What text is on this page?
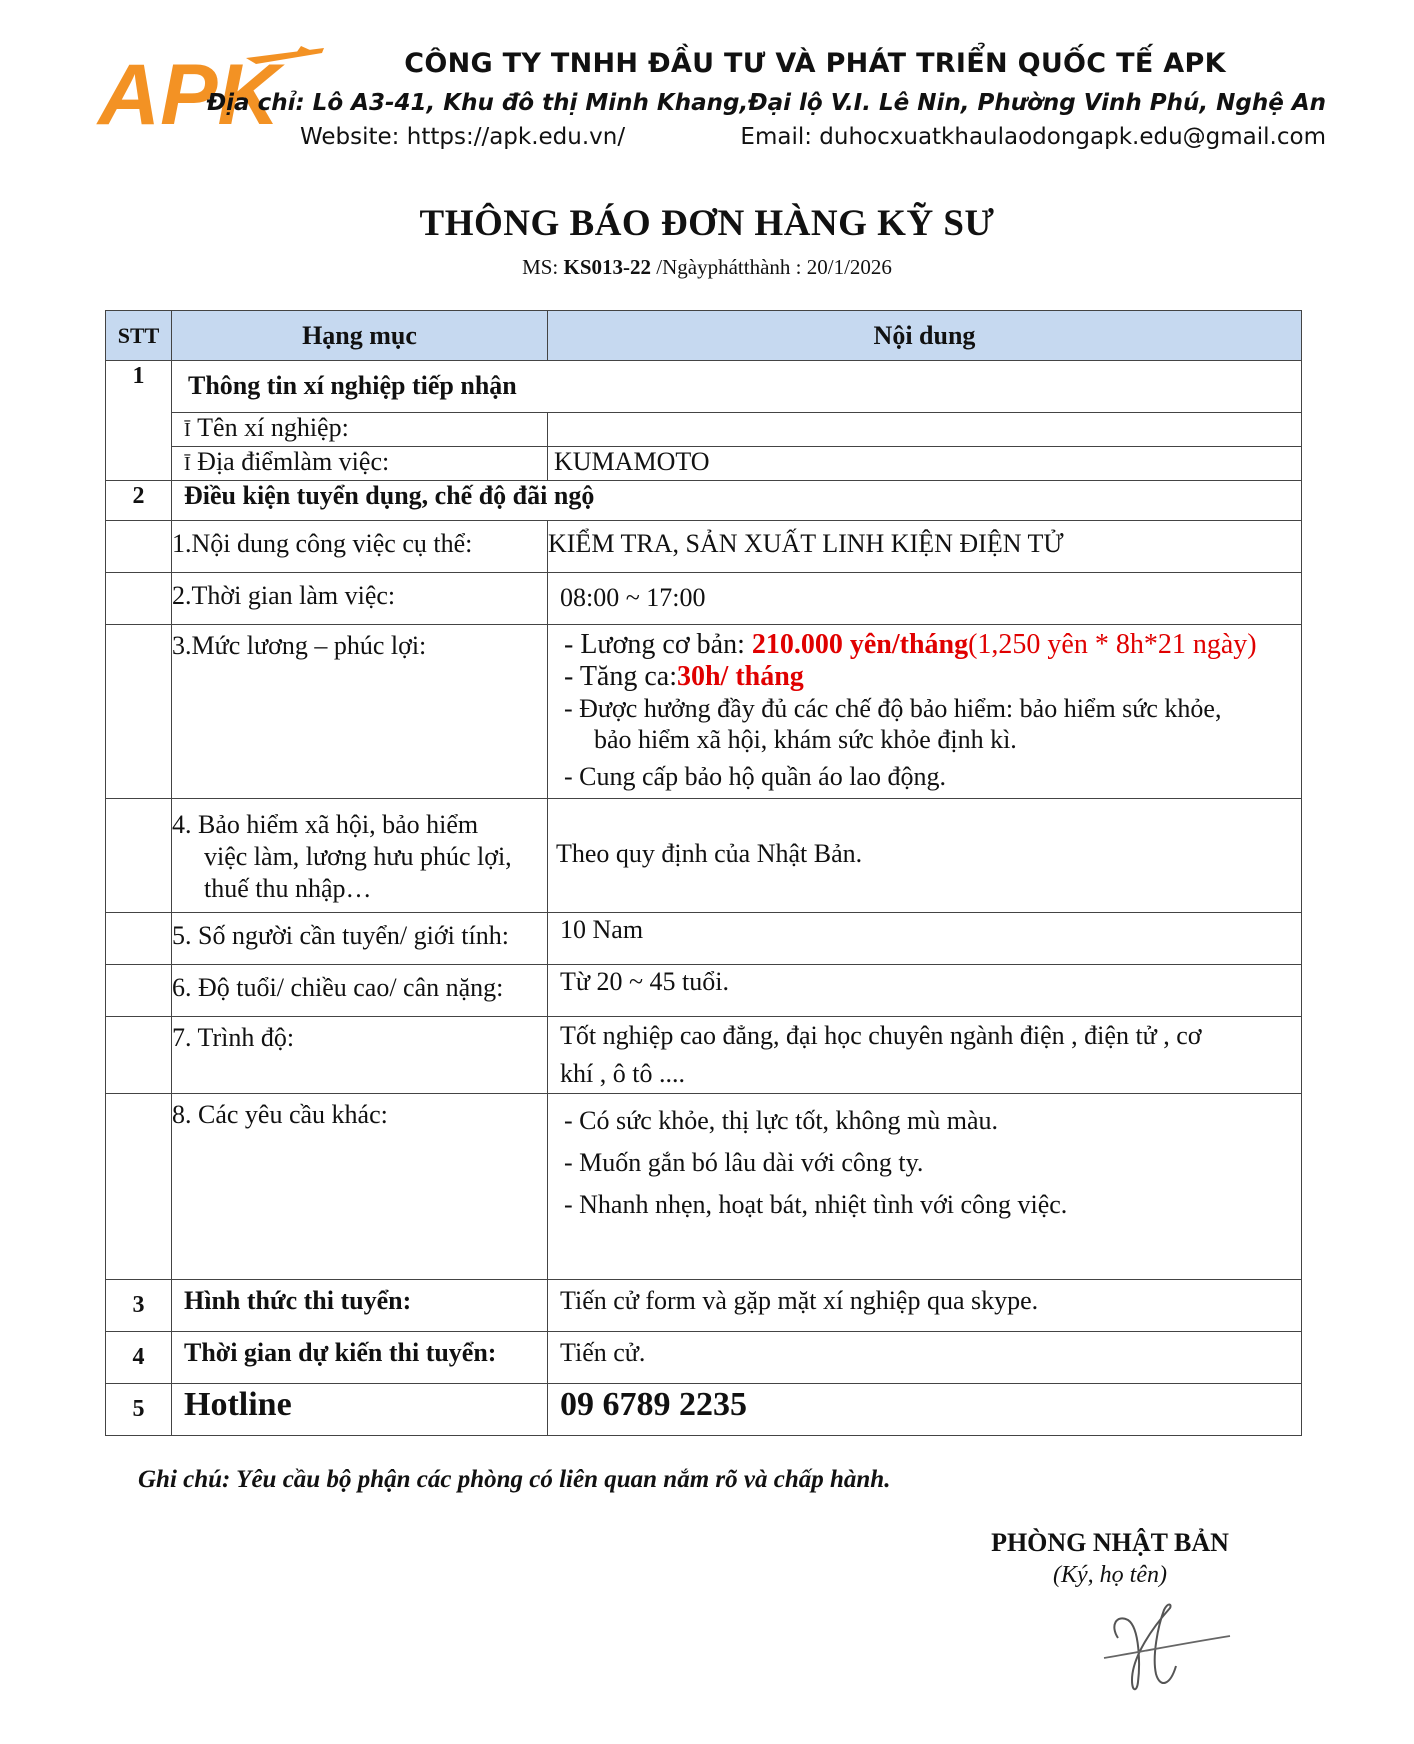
APK	CÔNG TY TNHH ĐẦU TƯ VÀ PHÁT TRIỂN QUỐC TẾ APK
Địa chỉ: Lô A3-41, Khu đô thị Minh Khang,Đại lộ V.I. Lê Nin, Phường Vinh Phú, Nghệ An
Website: https://apk.edu.vn/	Email: duhocxuatkhaulaodongapk.edu@gmail.com
THÔNG BÁO ĐƠN HÀNG KỸ SƯ
MS: KS013-22 /Ngàyphátthành : 20/1/2026
STT	Hạng mục	Nội dung
1	Thông tin xí nghiệp tiếp nhận	
	Ῑ Tên xí nghiệp:	
	Ῑ Địa điểmlàm việc:	KUMAMOTO
2	Điều kiện tuyển dụng, chế độ đãi ngộ	
	1.Nội dung công việc cụ thể:	KIỂM TRA, SẢN XUẤT LINH KIỆN ĐIỆN TỬ
	2.Thời gian làm việc:	08:00 ~ 17:00
	3.Mức lương – phúc lợi:	- Lương cơ bản: 210.000 yên/tháng(1,250 yên * 8h*21 ngày)
- Tăng ca:30h/ tháng
- Được hưởng đầy đủ các chế độ bảo hiểm: bảo hiểm sức khỏe,
bảo hiểm xã hội, khám sức khỏe định kì.
- Cung cấp bảo hộ quần áo lao động.

	4. Bảo hiểm xã hội, bảo hiểm
việc làm, lương hưu phúc lợi,
thuế thu nhập…	Theo quy định của Nhật Bản.
	5. Số người cần tuyển/ giới tính:	10 Nam
	6. Độ tuổi/ chiều cao/ cân nặng:	Từ 20 ~ 45 tuổi.
	7. Trình độ:	Tốt nghiệp cao đẳng, đại học chuyên ngành điện , điện tử , cơ
khí , ô tô ....

	8. Các yêu cầu khác:	- Có sức khỏe, thị lực tốt, không mù màu.
- Muốn gắn bó lâu dài với công ty.
- Nhanh nhẹn, hoạt bát, nhiệt tình với công việc.

3	Hình thức thi tuyển:	Tiến cử form và gặp mặt xí nghiệp qua skype.
4	Thời gian dự kiến thi tuyển:	Tiến cử.
5	Hotline	09 6789 2235
Ghi chú: Yêu cầu bộ phận các phòng có liên quan nắm rõ và chấp hành.
PHÒNG NHẬT BẢN
(Ký, họ tên)
